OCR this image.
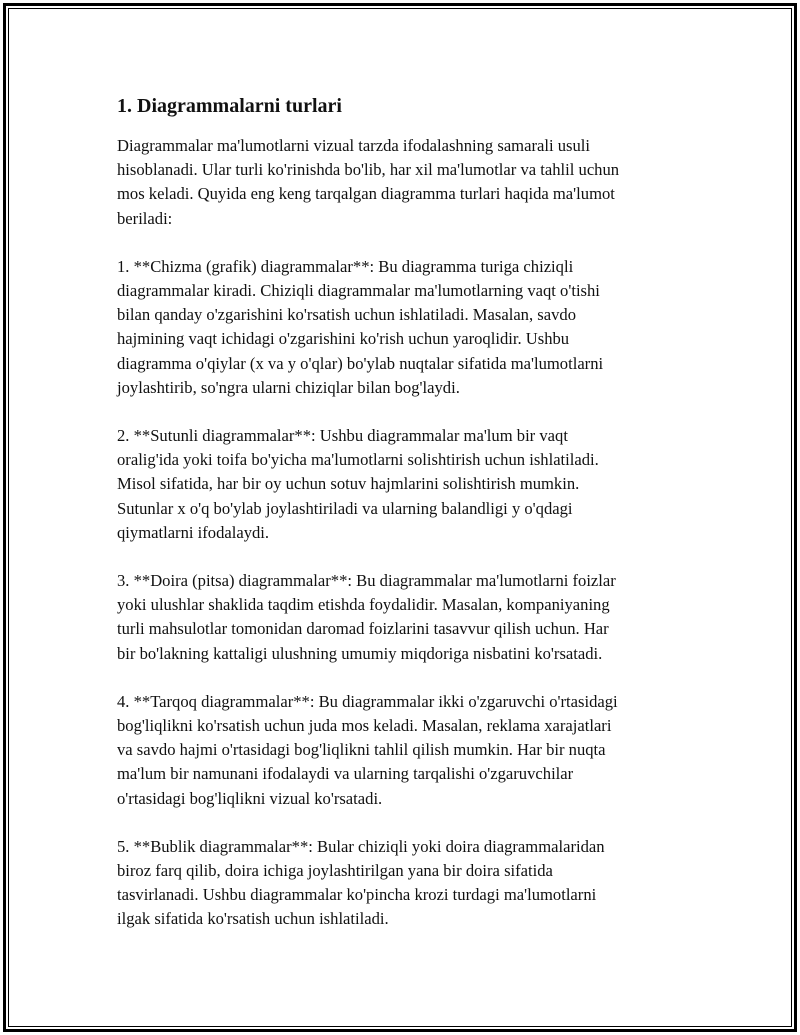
1. Diagrammalarni turlari

Diagrammalar ma'lumotlarni vizual tarzda ifodalashning samarali usuli
hisoblanadi. Ular turli ko'rinishda bo'lib, har xil ma'lumotlar va tahlil uchun
mos keladi. Quyida eng keng tarqalgan diagramma turlari haqida ma'lumot
beriladi:

1. **Chizma (grafik) diagrammalar**: Bu diagramma turiga chiziqli
diagrammalar kiradi. Chiziqli diagrammalar ma'lumotlarning vaqt o'tishi
bilan qanday o'zgarishini ko'rsatish uchun ishlatiladi. Masalan, savdo
hajmining vaqt ichidagi o'zgarishini ko'rish uchun yaroqlidir. Ushbu
diagramma o'qiylar (x va y o'qlar) bo'ylab nuqtalar sifatida ma'lumotlarni
joylashtirib, so'ngra ularni chiziqlar bilan bog'laydi.

2. **Sutunli diagrammalar**: Ushbu diagrammalar ma'lum bir vaqt
oralig'ida yoki toifa bo'yicha ma'lumotlarni solishtirish uchun ishlatiladi.
Misol sifatida, har bir oy uchun sotuv hajmlarini solishtirish mumkin.
Sutunlar x o'q bo'ylab joylashtiriladi va ularning balandligi y o'qdagi
qiymatlarni ifodalaydi.

3. **Doira (pitsa) diagrammalar**: Bu diagrammalar ma'lumotlarni foizlar
yoki ulushlar shaklida taqdim etishda foydalidir. Masalan, kompaniyaning
turli mahsulotlar tomonidan daromad foizlarini tasavvur qilish uchun. Har
bir bo'lakning kattaligi ulushning umumiy miqdoriga nisbatini ko'rsatadi.

4. **Tarqoq diagrammalar**: Bu diagrammalar ikki o'zgaruvchi o'rtasidagi
bog'liqlikni ko'rsatish uchun juda mos keladi. Masalan, reklama xarajatlari
va savdo hajmi o'rtasidagi bog'liqlikni tahlil qilish mumkin. Har bir nuqta
ma'lum bir namunani ifodalaydi va ularning tarqalishi o'zgaruvchilar
o'rtasidagi bog'liqlikni vizual ko'rsatadi.

5. **Bublik diagrammalar**: Bular chiziqli yoki doira diagrammalaridan
biroz farq qilib, doira ichiga joylashtirilgan yana bir doira sifatida
tasvirlanadi. Ushbu diagrammalar ko'pincha krozi turdagi ma'lumotlarni
ilgak sifatida ko'rsatish uchun ishlatiladi.
